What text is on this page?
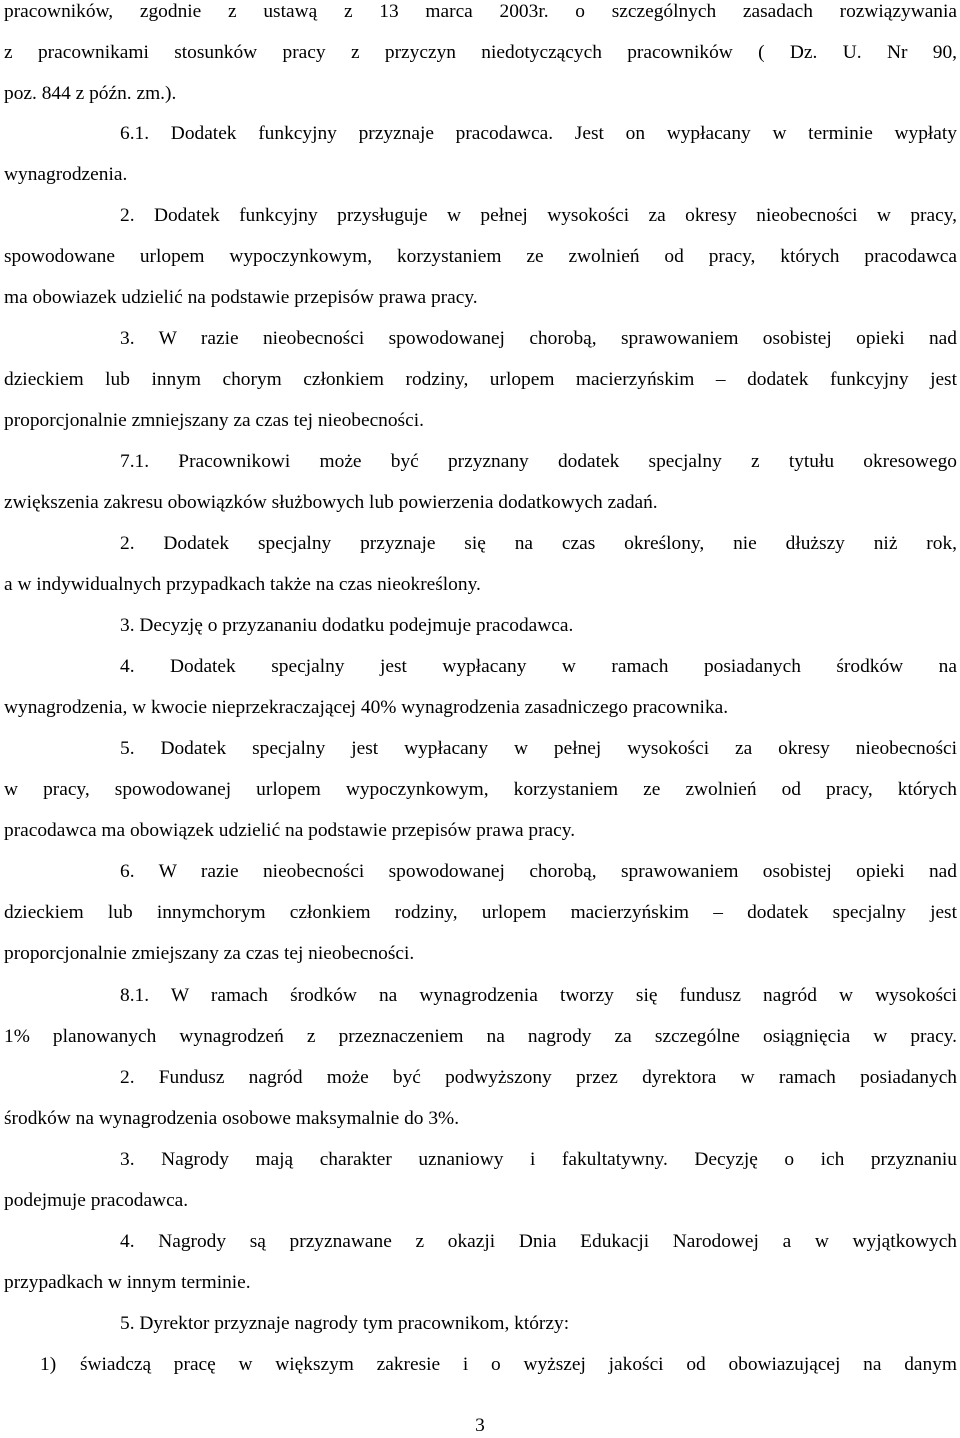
pracowników, zgodnie z ustawą z 13 marca 2003r. o szczególnych zasadach rozwiązywania
z pracownikami stosunków pracy z przyczyn niedotyczących pracowników ( Dz. U. Nr 90,
poz. 844 z późn. zm.).
6.1. Dodatek funkcyjny przyznaje pracodawca. Jest on wypłacany w terminie wypłaty
wynagrodzenia.
2. Dodatek funkcyjny przysługuje w pełnej wysokości za okresy nieobecności w pracy,
spowodowane urlopem wypoczynkowym, korzystaniem ze zwolnień od pracy, których pracodawca
ma obowiazek udzielić na podstawie przepisów prawa pracy.
3. W razie nieobecności spowodowanej chorobą, sprawowaniem osobistej opieki nad
dzieckiem lub innym chorym członkiem rodziny, urlopem macierzyńskim – dodatek funkcyjny jest
proporcjonalnie zmniejszany za czas tej nieobecności.
7.1. Pracownikowi może być przyznany dodatek specjalny z tytułu okresowego
zwiększenia zakresu obowiązków służbowych lub powierzenia dodatkowych zadań.
2. Dodatek specjalny przyznaje się na czas określony, nie dłuższy niż rok,
a w indywidualnych przypadkach także na czas nieokreślony.
3. Decyzję o przyzananiu dodatku podejmuje pracodawca.
4. Dodatek specjalny jest wypłacany w ramach posiadanych środków na
wynagrodzenia, w kwocie nieprzekraczającej 40% wynagrodzenia zasadniczego pracownika.
5. Dodatek specjalny jest wypłacany w pełnej wysokości za okresy nieobecności
w pracy, spowodowanej urlopem wypoczynkowym, korzystaniem ze zwolnień od pracy, których
pracodawca ma obowiązek udzielić na podstawie przepisów prawa pracy.
6. W razie nieobecności spowodowanej chorobą, sprawowaniem osobistej opieki nad
dzieckiem lub innymchorym członkiem rodziny, urlopem macierzyńskim – dodatek specjalny jest
proporcjonalnie zmiejszany za czas tej nieobecności.
8.1. W ramach środków na wynagrodzenia tworzy się fundusz nagród w wysokości
1% planowanych wynagrodzeń z przeznaczeniem na nagrody za szczególne osiągnięcia w pracy.
2. Fundusz nagród może być podwyższony przez dyrektora w ramach posiadanych
środków na wynagrodzenia osobowe maksymalnie do 3%.
3. Nagrody mają charakter uznaniowy i fakultatywny. Decyzję o ich przyznaniu
podejmuje pracodawca.
4. Nagrody są przyznawane z okazji Dnia Edukacji Narodowej a w wyjątkowych
przypadkach w innym terminie.
5. Dyrektor przyznaje nagrody tym pracownikom, którzy:
1) świadczą pracę w większym zakresie i o wyższej jakości od obowiazującej na danym
3
